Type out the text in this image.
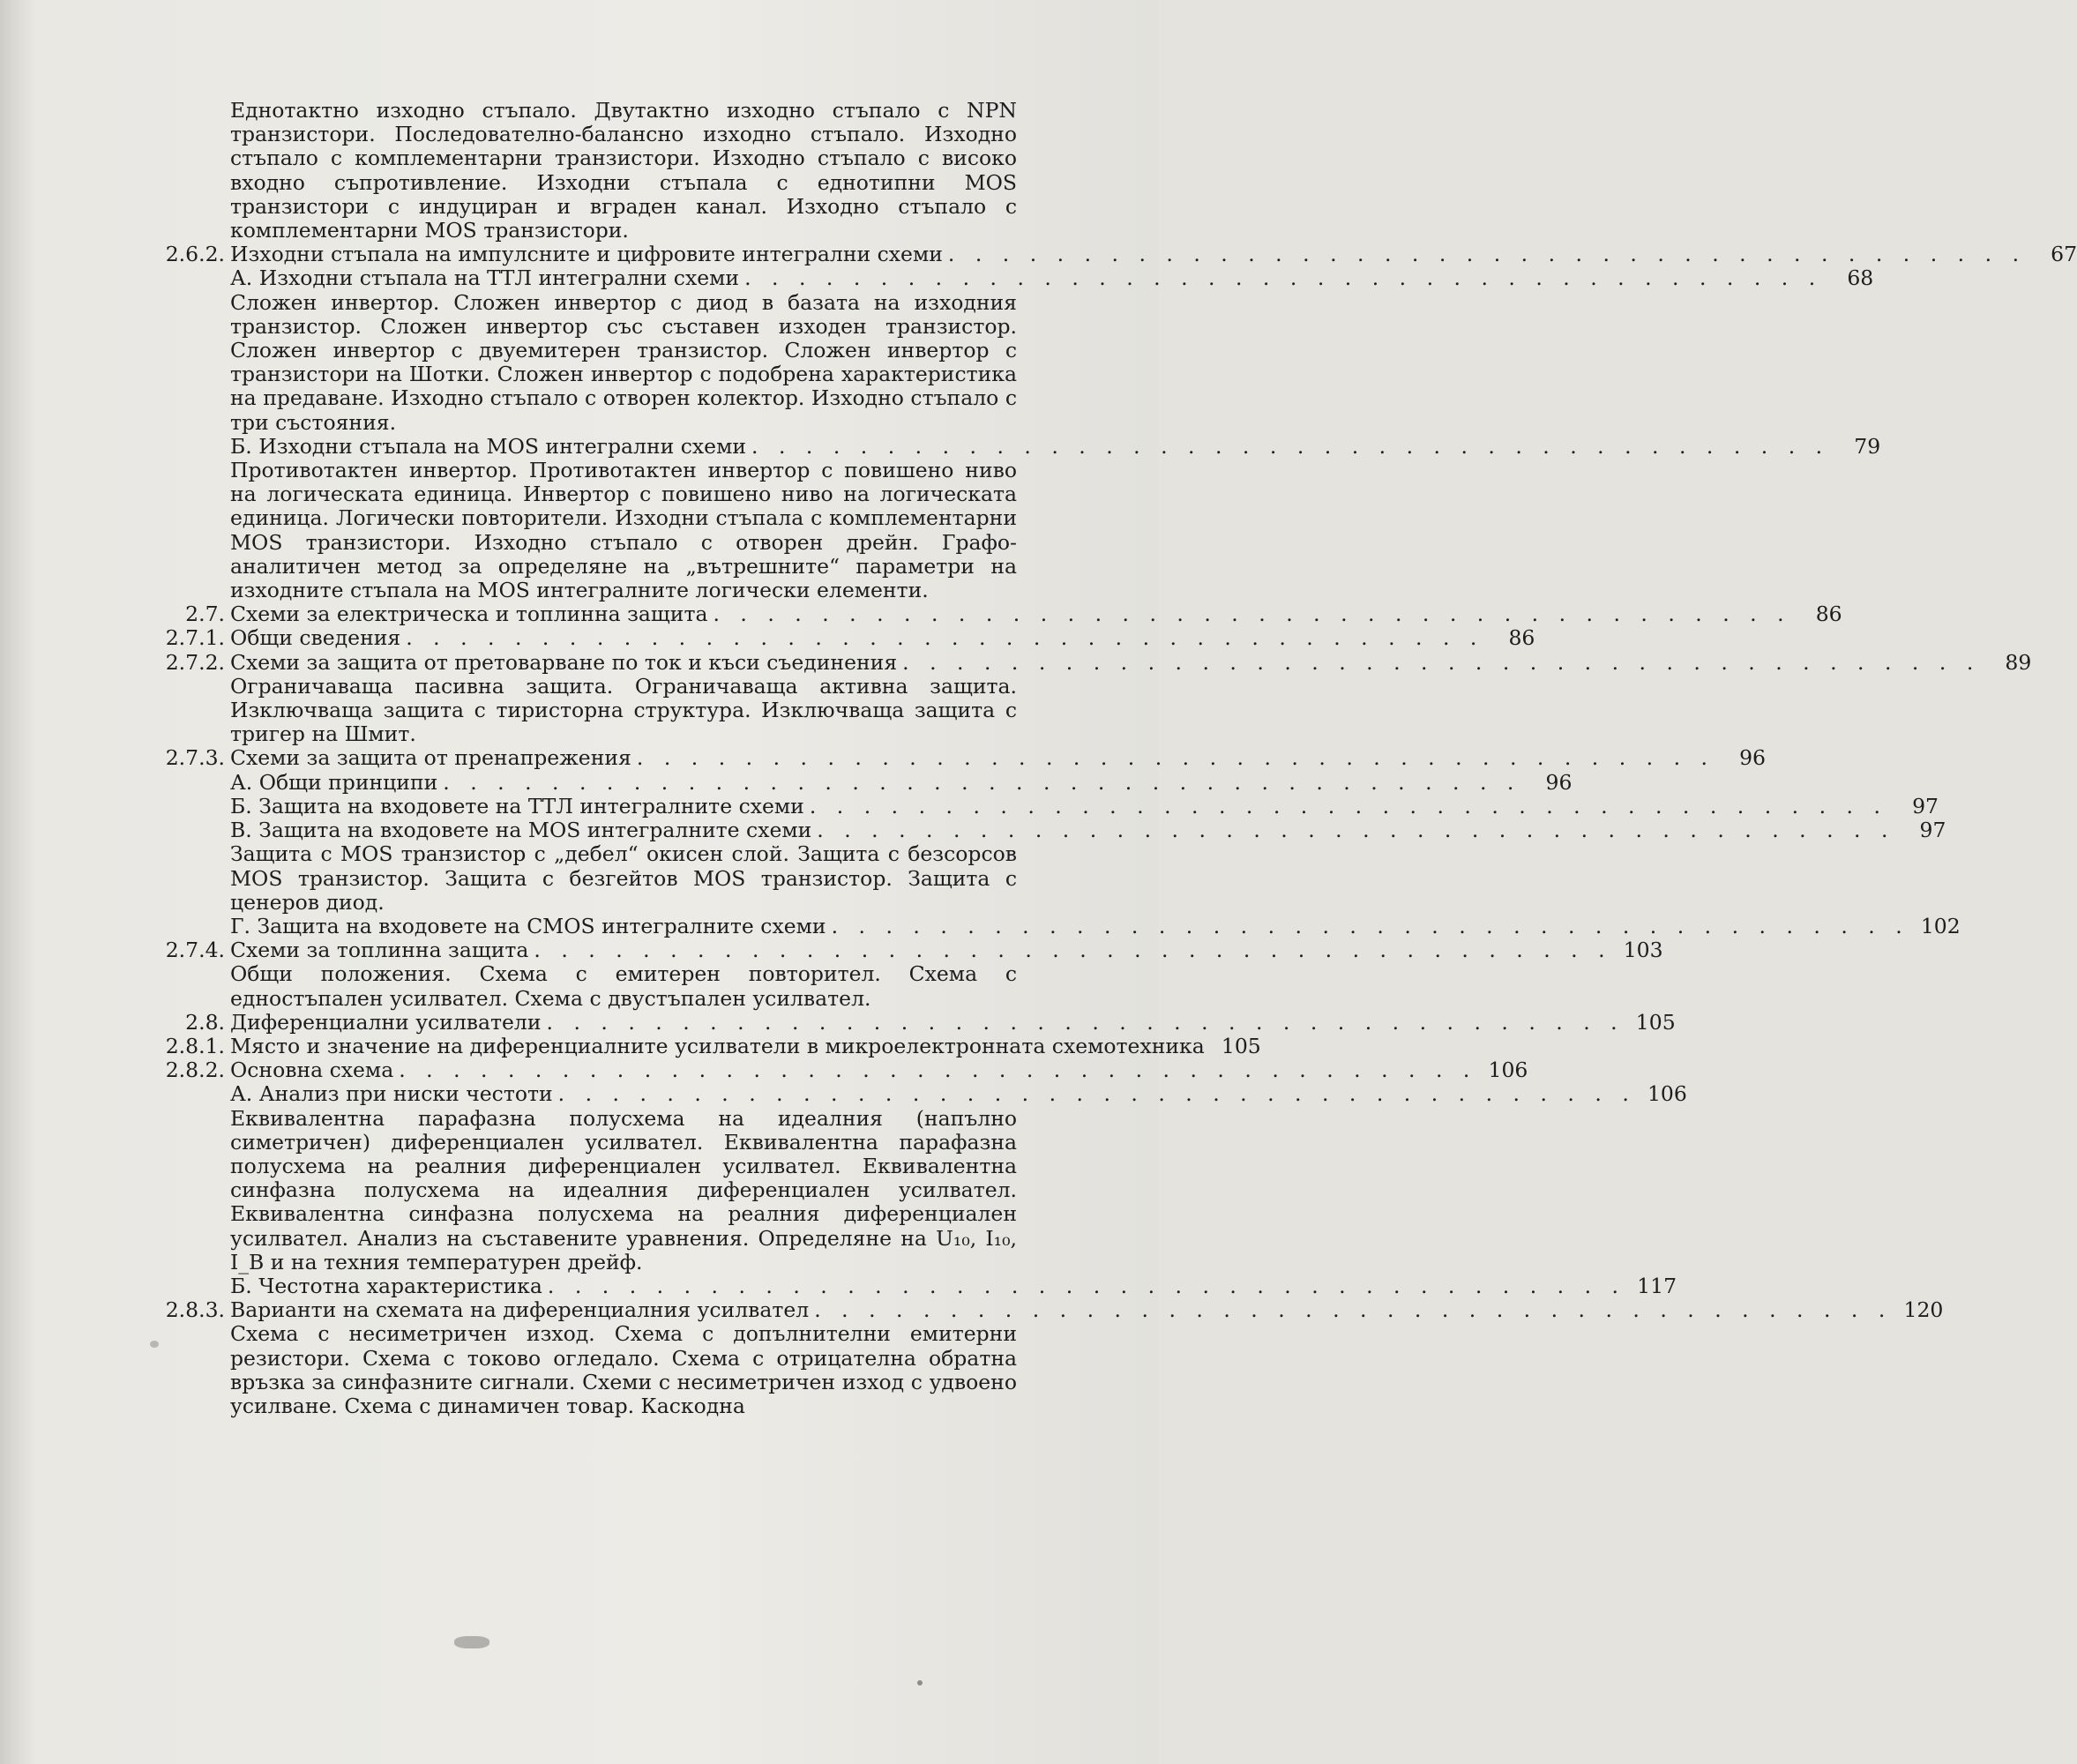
Еднотактно изходно стъпало. Двутактно изходно стъпало с NPN транзистори. Последователно-балансно изходно стъпало. Изходно стъпало с комплементарни транзистори. Изходно стъпало с високо входно съпротивление. Изходни стъпала с еднотипни MOS транзистори с индуциран и вграден канал. Изходно стъпало с комплементарни MOS транзистори.
2.6.2. Изходни стъпала на импулсните и цифровите интегрални схеми . . . . . . . . . . . . . . . . . . . . . . . . . . . . . . . . . . . . . . . .	67
А. Изходни стъпала на ТТЛ интегрални схеми . . . . . . . . . . . . . . . . . . . . . . . . . . . . . . . . . . . . . . . .	68
Сложен инвертор. Сложен инвертор с диод в базата на изходния транзистор. Сложен инвертор със съставен изходен транзистор. Сложен инвертор с двуемитерен транзистор. Сложен инвертор с транзистори на Шотки. Сложен инвертор с подобрена характеристика на предаване. Изходно стъпало с отворен колектор. Изходно стъпало с три състояния.
Б. Изходни стъпала на MOS интегрални схеми . . . . . . . . . . . . . . . . . . . . . . . . . . . . . . . . . . . . . . . .	79
Противотактен инвертор. Противотактен инвертор с повишено ниво на логическата единица. Инвертор с повишено ниво на логическата единица. Логически повторители. Изходни стъпала с комплементарни MOS транзистори. Изходно стъпало с отворен дрейн. Графо-аналитичен метод за определяне на „вътрешните“ параметри на изходните стъпала на MOS интегралните логически елементи.
2.7. Схеми за електрическа и топлинна защита . . . . . . . . . . . . . . . . . . . . . . . . . . . . . . . . . . . . . . . .	86
2.7.1. Общи сведения . . . . . . . . . . . . . . . . . . . . . . . . . . . . . . . . . . . . . . . .	86
2.7.2. Схеми за защита от претоварване по ток и къси съединения . . . . . . . . . . . . . . . . . . . . . . . . . . . . . . . . . . . . . . . .	89
Ограничаваща пасивна защита. Ограничаваща активна защита. Изключваща защита с тиристорна структура. Изключваща защита с тригер на Шмит.
2.7.3. Схеми за защита от пренапрежения . . . . . . . . . . . . . . . . . . . . . . . . . . . . . . . . . . . . . . . .	96
А. Общи принципи . . . . . . . . . . . . . . . . . . . . . . . . . . . . . . . . . . . . . . . .	96
Б. Защита на входовете на ТТЛ интегралните схеми . . . . . . . . . . . . . . . . . . . . . . . . . . . . . . . . . . . . . . . .	97
В. Защита на входовете на MOS интегралните схеми . . . . . . . . . . . . . . . . . . . . . . . . . . . . . . . . . . . . . . . .	97
Защита с MOS транзистор с „дебел“ окисен слой. Защита с безсорсов MOS транзистор. Защита с безгейтов MOS транзистор. Защита с ценеров диод.
Г. Защита на входовете на CMOS интегралните схеми . . . . . . . . . . . . . . . . . . . . . . . . . . . . . . . . . . . . . . . . 102
2.7.4. Схеми за топлинна защита . . . . . . . . . . . . . . . . . . . . . . . . . . . . . . . . . . . . . . . . 103
Общи положения. Схема с емитерен повторител. Схема с едностъпален усилвател. Схема с двустъпален усилвател.
2.8. Диференциални усилватели . . . . . . . . . . . . . . . . . . . . . . . . . . . . . . . . . . . . . . . . 105
2.8.1. Място и значение на диференциалните усилватели в микроелектронната схемотехника 105
2.8.2. Основна схема . . . . . . . . . . . . . . . . . . . . . . . . . . . . . . . . . . . . . . . . 106
А. Анализ при ниски честоти . . . . . . . . . . . . . . . . . . . . . . . . . . . . . . . . . . . . . . . . 106
Еквивалентна парафазна полусхема на идеалния (напълно симетричен) диференциален усилвател. Еквивалентна парафазна полусхема на реалния диференциален усилвател. Еквивалентна синфазна полусхема на идеалния диференциален усилвател. Еквивалентна синфазна полусхема на реалния диференциален усилвател. Анализ на съставените уравнения. Определяне на U₁₀, I₁₀, I_B и на техния температурен дрейф.
Б. Честотна характеристика . . . . . . . . . . . . . . . . . . . . . . . . . . . . . . . . . . . . . . . . 117
2.8.3. Варианти на схемата на диференциалния усилвател . . . . . . . . . . . . . . . . . . . . . . . . . . . . . . . . . . . . . . . . 120
Схема с несиметричен изход. Схема с допълнителни емитерни резистори. Схема с токово огледало. Схема с отрицателна обратна връзка за синфазните сигнали. Схеми с несиметричен изход с удвоено усилване. Схема с динамичен товар. Каскодна
